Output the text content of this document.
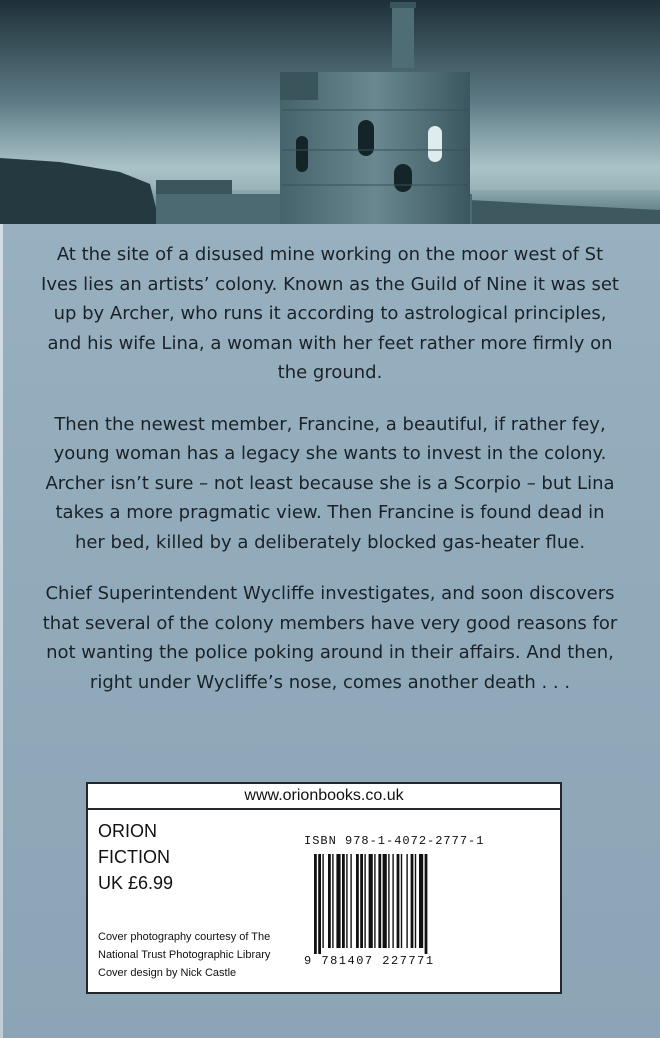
At the site of a disused mine working on the moor west of St Ives lies an artists’ colony. Known as the Guild of Nine it was set up by Archer, who runs it according to astrological principles, and his wife Lina, a woman with her feet rather more firmly on the ground.

Then the newest member, Francine, a beautiful, if rather fey, young woman has a legacy she wants to invest in the colony. Archer isn’t sure – not least because she is a Scorpio – but Lina takes a more pragmatic view. Then Francine is found dead in her bed, killed by a deliberately blocked gas-heater flue.

Chief Superintendent Wycliffe investigates, and soon discovers that several of the colony members have very good reasons for not wanting the police poking around in their affairs. And then, right under Wycliffe’s nose, comes another death . . .

www.orionbooks.co.uk
ORION
FICTION
UK £6.99
Cover photography courtesy of The
National Trust Photographic Library
Cover design by Nick Castle
ISBN 978-1-4072-2777-1
9 781407 227771
